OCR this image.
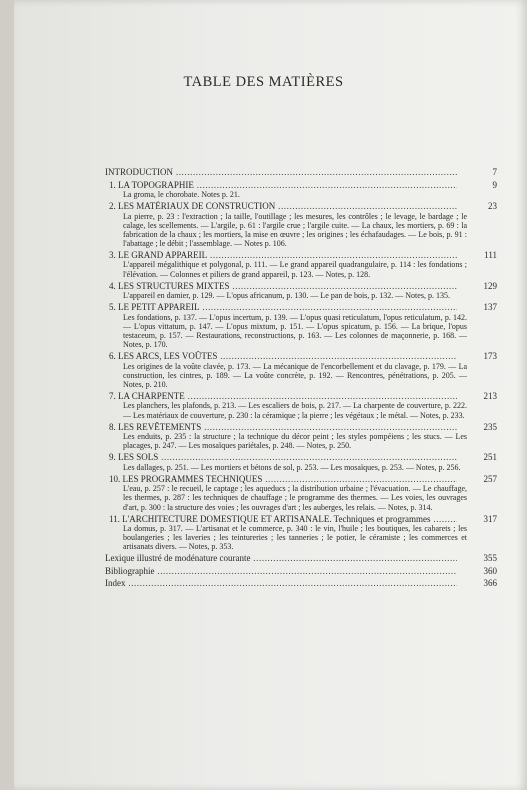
TABLE DES MATIÈRES
INTRODUCTION .....	7
1. LA TOPOGRAPHIE .....	9
La groma, le chorobate. Notes p. 21.
2. LES MATÉRIAUX DE CONSTRUCTION .....	23
La pierre, p. 23 : l'extraction ; la taille, l'outillage ; les mesures, les contrôles ; le levage, le bardage ; le calage, les scellements. — L'argile, p. 61 : l'argile crue ; l'argile cuite. — La chaux, les mortiers, p. 69 : la fabrication de la chaux ; les mortiers, la mise en œuvre ; les origines ; les échafaudages. — Le bois, p. 91 : l'abattage ; le débit ; l'assemblage. — Notes p. 106.
3. LE GRAND APPAREIL .....	111
L'appareil mégalithique et polygonal, p. 111. — Le grand appareil quadrangulaire, p. 114 : les fondations ; l'élévation. — Colonnes et piliers de grand appareil, p. 123. — Notes, p. 128.
4. LES STRUCTURES MIXTES .....	129
L'appareil en damier, p. 129. — L'opus africanum, p. 130. — Le pan de bois, p. 132. — Notes, p. 135.
5. LE PETIT APPAREIL .....	137
Les fondations, p. 137. — L'opus incertum, p. 139. — L'opus quasi reticulatum, l'opus reticulatum, p. 142. — L'opus vittatum, p. 147. — L'opus mixtum, p. 151. — L'opus spicatum, p. 156. — La brique, l'opus testaceum, p. 157. — Restaurations, reconstructions, p. 163. — Les colonnes de maçonnerie, p. 168. — Notes, p. 170.
6. LES ARCS, LES VOÛTES .....	173
Les origines de la voûte clavée, p. 173. — La mécanique de l'encorbellement et du clavage, p. 179. — La construction, les cintres, p. 189. — La voûte concrète, p. 192. — Rencontres, pénétrations, p. 205. — Notes, p. 210.
7. LA CHARPENTE .....	213
Les planchers, les plafonds, p. 213. — Les escaliers de bois, p. 217. — La charpente de couverture, p. 222. — Les matériaux de couverture, p. 230 : la céramique ; la pierre ; les végétaux ; le métal. — Notes, p. 233.
8. LES REVÊTEMENTS .....	235
Les enduits, p. 235 : la structure ; la technique du décor peint ; les styles pompéiens ; les stucs. — Les placages, p. 247. — Les mosaïques pariétales, p. 248. — Notes, p. 250.
9. LES SOLS .....	251
Les dallages, p. 251. — Les mortiers et bétons de sol, p. 253. — Les mosaïques, p. 253. — Notes, p. 256.
10. LES PROGRAMMES TECHNIQUES .....	257
L'eau, p. 257 : le recueil, le captage ; les aqueducs ; la distribution urbaine ; l'évacuation. — Le chauffage, les thermes, p. 287 : les techniques de chauffage ; le programme des thermes. — Les voies, les ouvrages d'art, p. 300 : la structure des voies ; les ouvrages d'art ; les auberges, les relais. — Notes, p. 314.
11. L'ARCHITECTURE DOMESTIQUE ET ARTISANALE. Techniques et programmes .....	317
La domus, p. 317. — L'artisanat et le commerce, p. 340 : le vin, l'huile ; les boutiques, les cabarets ; les boulangeries ; les laveries ; les teintureries ; les tanneries ; le potier, le céramiste ; les commerces et artisanats divers. — Notes, p. 353.
Lexique illustré de modénature courante .....	355
Bibliographie .....	360
Index .....	366
